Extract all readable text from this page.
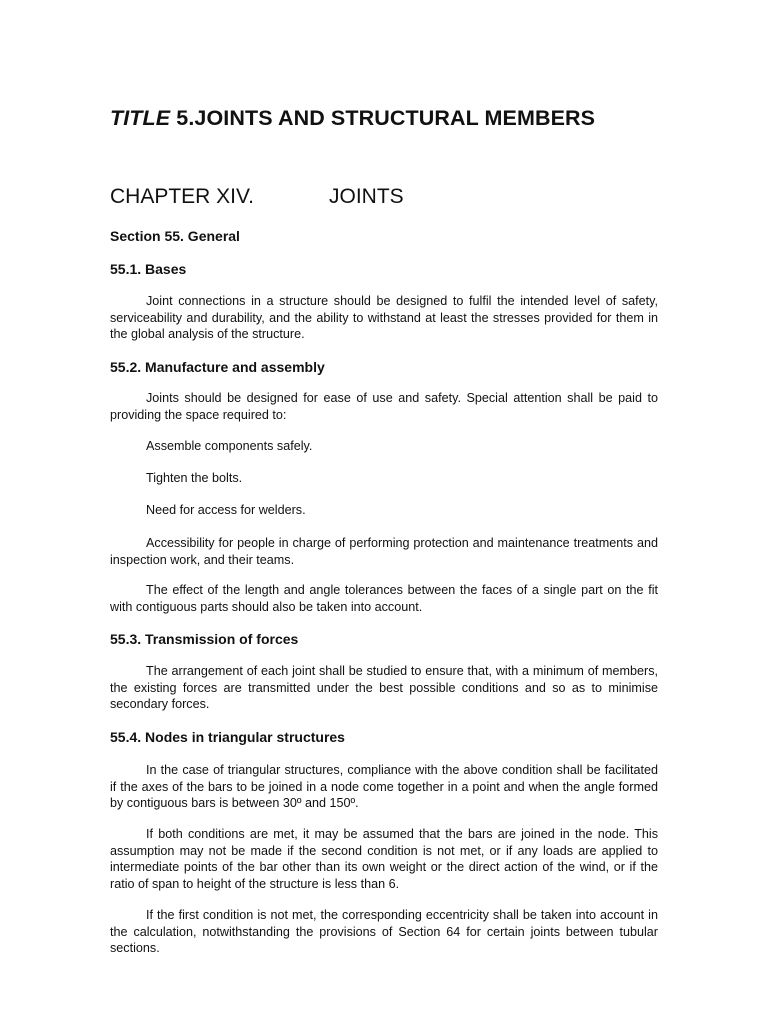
TITLE 5.JOINTS AND STRUCTURAL MEMBERS
CHAPTER XIV.	JOINTS
Section 55. General
55.1. Bases
Joint connections in a structure should be designed to fulfil the intended level of safety, serviceability and durability, and the ability to withstand at least the stresses provided for them in the global analysis of the structure.
55.2. Manufacture and assembly
Joints should be designed for ease of use and safety. Special attention shall be paid to providing the space required to:
Assemble components safely.
Tighten the bolts.
Need for access for welders.
Accessibility for people in charge of performing protection and maintenance treatments and inspection work, and their teams.
The effect of the length and angle tolerances between the faces of a single part on the fit with contiguous parts should also be taken into account.
55.3. Transmission of forces
The arrangement of each joint shall be studied to ensure that, with a minimum of members, the existing forces are transmitted under the best possible conditions and so as to minimise secondary forces.
55.4. Nodes in triangular structures
In the case of triangular structures, compliance with the above condition shall be facilitated if the axes of the bars to be joined in a node come together in a point and when the angle formed by contiguous bars is between 30º and 150º.
If both conditions are met, it may be assumed that the bars are joined in the node. This assumption may not be made if the second condition is not met, or if any loads are applied to intermediate points of the bar other than its own weight or the direct action of the wind, or if the ratio of span to height of the structure is less than 6.
If the first condition is not met, the corresponding eccentricity shall be taken into account in the calculation, notwithstanding the provisions of Section 64 for certain joints between tubular sections.
